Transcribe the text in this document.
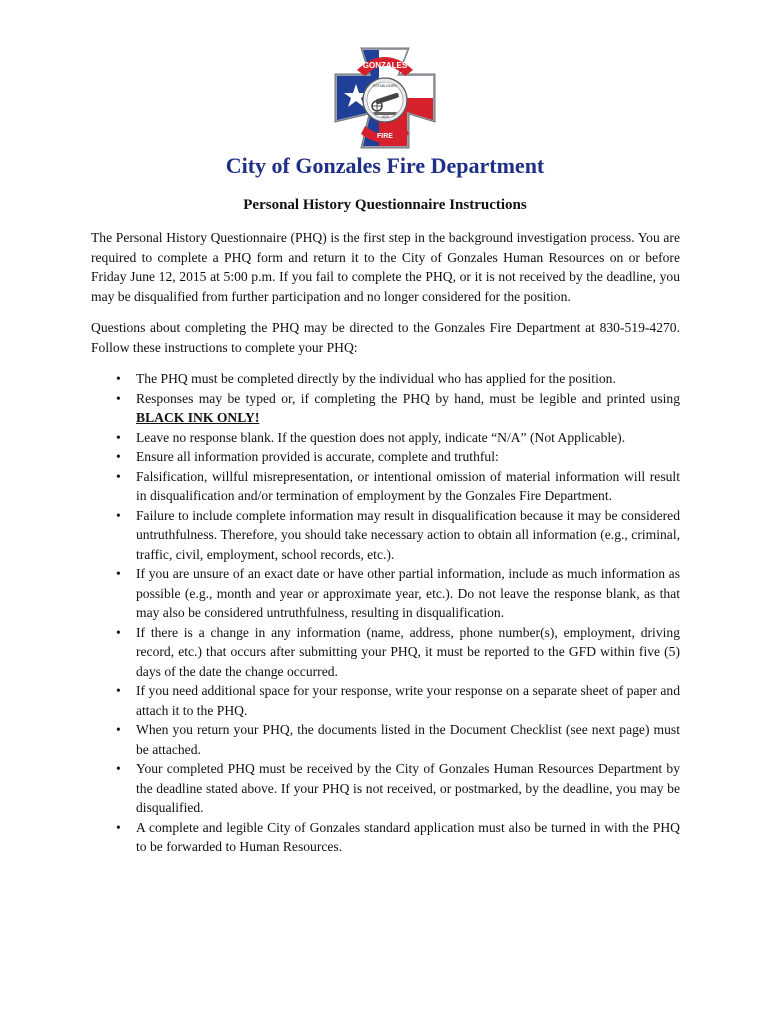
GONZALES
ESTABLISHED
1825
FIRE
City of Gonzales Fire Department
Personal History Questionnaire Instructions

The Personal History Questionnaire (PHQ) is the first step in the background investigation process. You are required to complete a PHQ form and return it to the City of Gonzales Human Resources on or before Friday June 12, 2015 at 5:00 p.m. If you fail to complete the PHQ, or it is not received by the deadline, you may be disqualified from further participation and no longer considered for the position.

Questions about completing the PHQ may be directed to the Gonzales Fire Department at 830-519-4270. Follow these instructions to complete your PHQ:

•	The PHQ must be completed directly by the individual who has applied for the position.
•	Responses may be typed or, if completing the PHQ by hand, must be legible and printed using BLACK INK ONLY!
•	Leave no response blank. If the question does not apply, indicate “N/A” (Not Applicable).
•	Ensure all information provided is accurate, complete and truthful:
•	Falsification, willful misrepresentation, or intentional omission of material information will result in disqualification and/or termination of employment by the Gonzales Fire Department.
•	Failure to include complete information may result in disqualification because it may be considered untruthfulness. Therefore, you should take necessary action to obtain all information (e.g., criminal, traffic, civil, employment, school records, etc.).
•	If you are unsure of an exact date or have other partial information, include as much information as possible (e.g., month and year or approximate year, etc.). Do not leave the response blank, as that may also be considered untruthfulness, resulting in disqualification.
•	If there is a change in any information (name, address, phone number(s), employment, driving record, etc.) that occurs after submitting your PHQ, it must be reported to the GFD within five (5) days of the date the change occurred.
•	If you need additional space for your response, write your response on a separate sheet of paper and attach it to the PHQ.
•	When you return your PHQ, the documents listed in the Document Checklist (see next page) must be attached.
•	Your completed PHQ must be received by the City of Gonzales Human Resources Department by the deadline stated above. If your PHQ is not received, or postmarked, by the deadline, you may be disqualified.
•	A complete and legible City of Gonzales standard application must also be turned in with the PHQ to be forwarded to Human Resources.
